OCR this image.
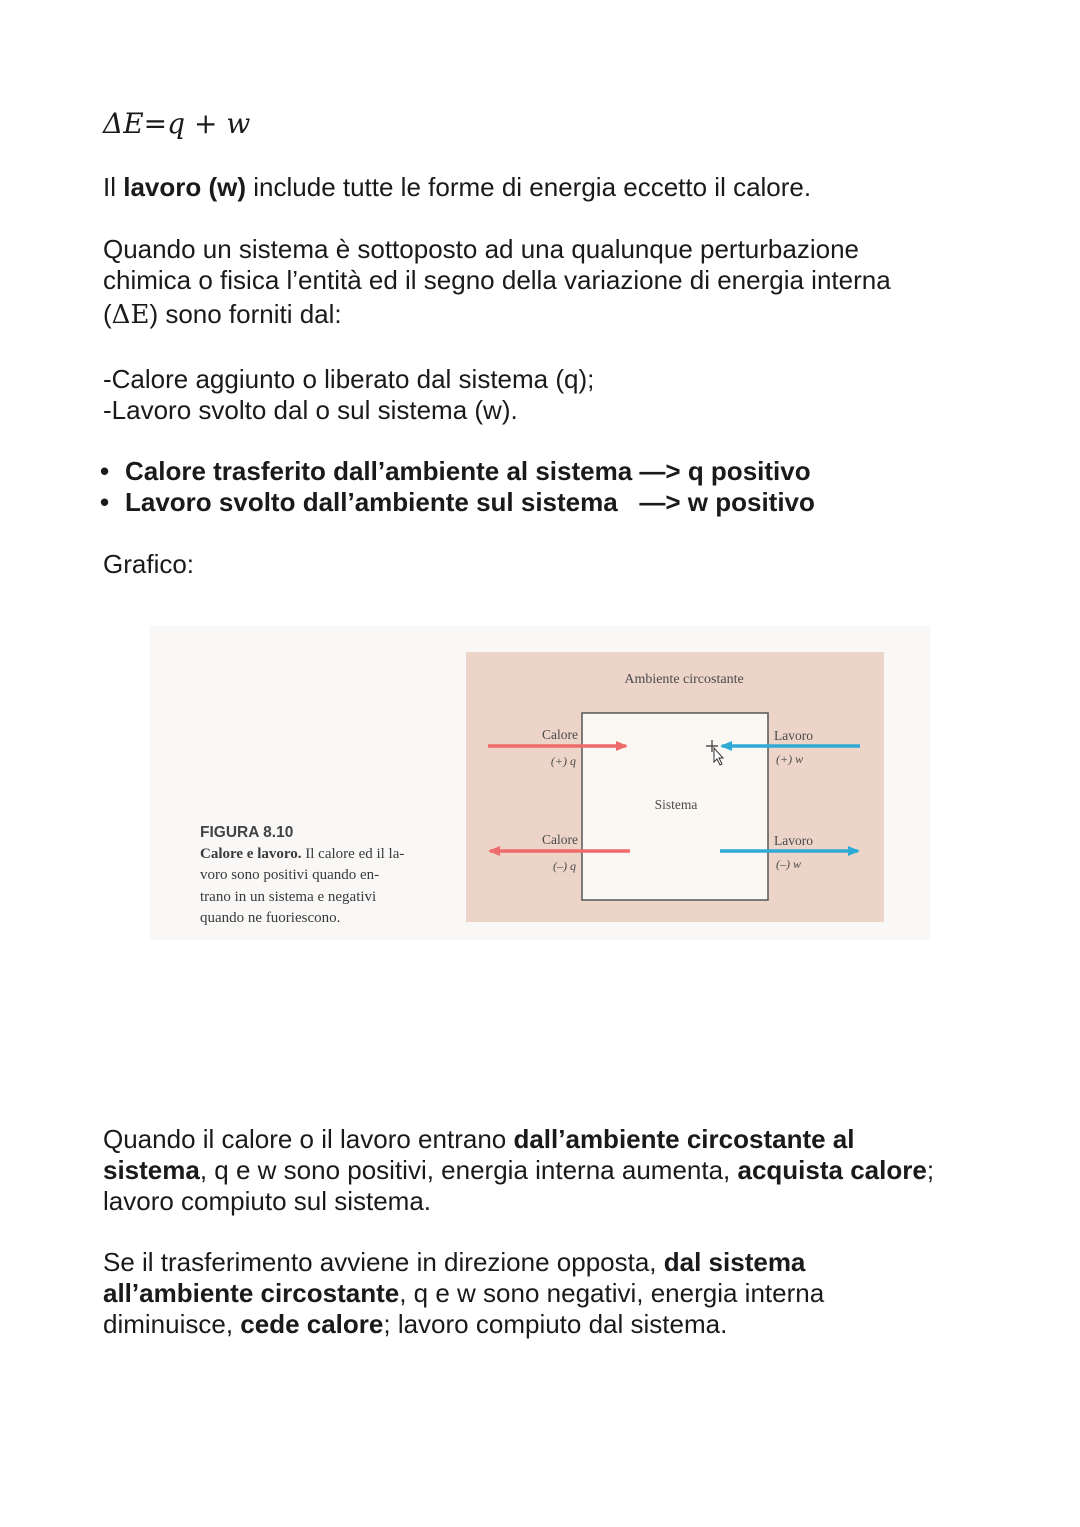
ΔE=q + w

Il lavoro (w) include tutte le forme di energia eccetto il calore.

Quando un sistema è sottoposto ad una qualunque perturbazione
chimica o fisica l’entità ed il segno della variazione di energia interna
(ΔE) sono forniti dal:
-Calore aggiunto o liberato dal sistema (q);
-Lavoro svolto dal o sul sistema (w).
• Calore trasferito dall’ambiente al sistema —> q positivo
• Lavoro svolto dall’ambiente sul sistema   —> w positivo

Grafico:

FIGURA 8.10
Calore e lavoro. Il calore ed il la-
voro sono positivi quando en-
trano in un sistema e negativi
quando ne fuoriescono.
Ambiente circostante
Sistema
Calore
(+) q
Calore
(–) q
Lavoro
(+) w
Lavoro
(–) w
Quando il calore o il lavoro entrano dall’ambiente circostante al
sistema, q e w sono positivi, energia interna aumenta, acquista calore;
lavoro compiuto sul sistema.
Se il trasferimento avviene in direzione opposta, dal sistema
all’ambiente circostante, q e w sono negativi, energia interna
diminuisce, cede calore; lavoro compiuto dal sistema.
